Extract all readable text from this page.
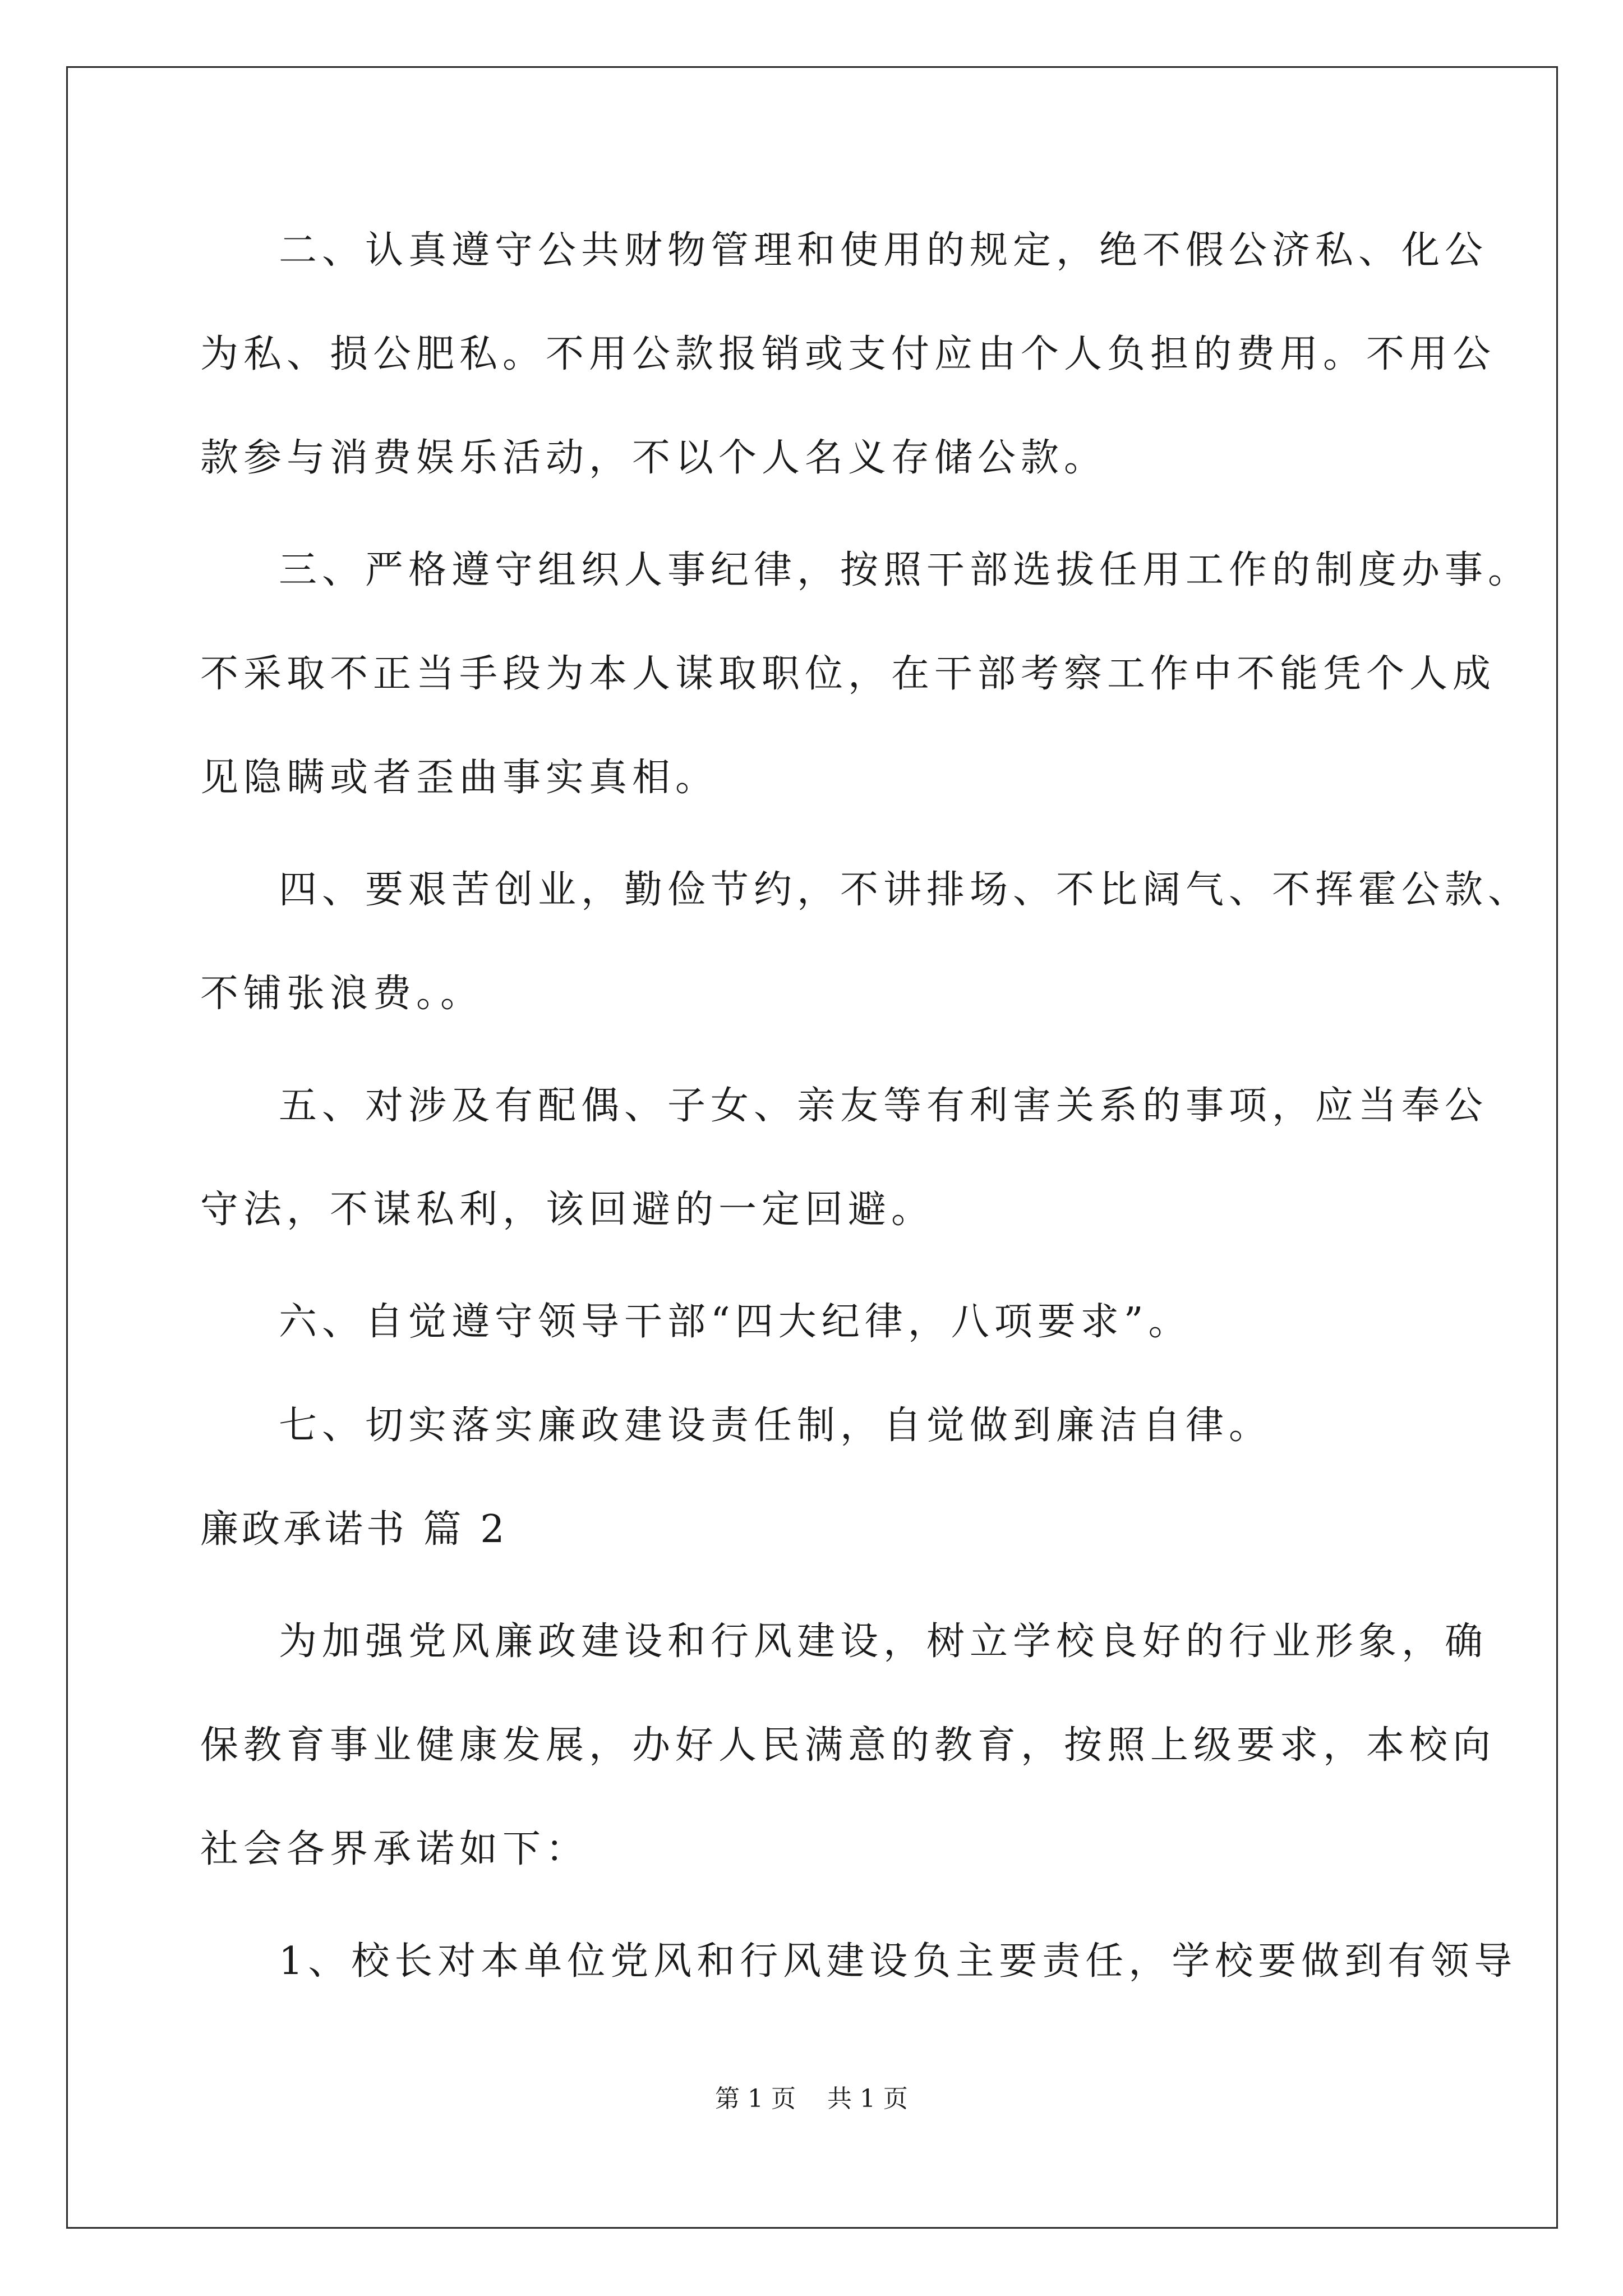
二、认真遵守公共财物管理和使用的规定，绝不假公济私、化公
为私、损公肥私。不用公款报销或支付应由个人负担的费用。不用公
款参与消费娱乐活动，不以个人名义存储公款。
三、严格遵守组织人事纪律，按照干部选拔任用工作的制度办事。
不采取不正当手段为本人谋取职位，在干部考察工作中不能凭个人成
见隐瞒或者歪曲事实真相。
四、要艰苦创业，勤俭节约，不讲排场、不比阔气、不挥霍公款、
不铺张浪费。。
五、对涉及有配偶、子女、亲友等有利害关系的事项，应当奉公
守法，不谋私利，该回避的一定回避。
六、自觉遵守领导干部“四大纪律，八项要求”。
七、切实落实廉政建设责任制，自觉做到廉洁自律。
廉政承诺书 篇 2
为加强党风廉政建设和行风建设，树立学校良好的行业形象，确
保教育事业健康发展，办好人民满意的教育，按照上级要求，本校向
社会各界承诺如下：
1、校长对本单位党风和行风建设负主要责任，学校要做到有领导
第 1 页    共 1 页
